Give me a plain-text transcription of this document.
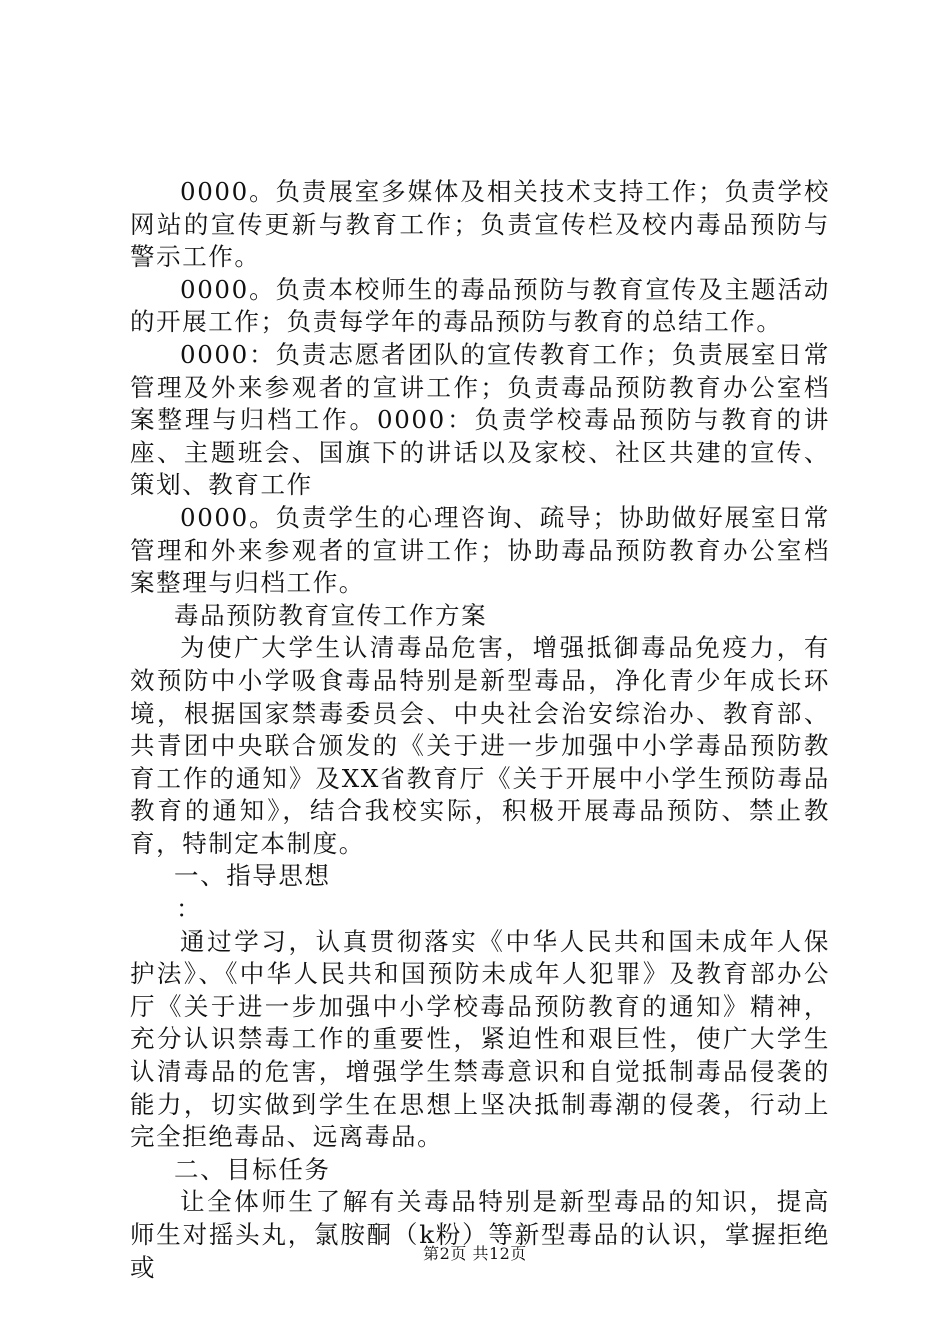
0000。负责展室多媒体及相关技术支持工作；负责学校网站的宣传更新与教育工作；负责宣传栏及校内毒品预防与警示工作。

0000。负责本校师生的毒品预防与教育宣传及主题活动的开展工作；负责每学年的毒品预防与教育的总结工作。

0000：负责志愿者团队的宣传教育工作；负责展室日常管理及外来参观者的宣讲工作；负责毒品预防教育办公室档案整理与归档工作。0000：负责学校毒品预防与教育的讲座、主题班会、国旗下的讲话以及家校、社区共建的宣传、策划、教育工作

0000。负责学生的心理咨询、疏导；协助做好展室日常管理和外来参观者的宣讲工作；协助毒品预防教育办公室档案整理与归档工作。

毒品预防教育宣传工作方案

为使广大学生认清毒品危害，增强抵御毒品免疫力，有效预防中小学吸食毒品特别是新型毒品，净化青少年成长环境，根据国家禁毒委员会、中央社会治安综治办、教育部、共青团中央联合颁发的《关于进一步加强中小学毒品预防教育工作的通知》及XX省教育厅《关于开展中小学生预防毒品教育的通知》，结合我校实际，积极开展毒品预防、禁止教育，特制定本制度。

一、指导思想

：

通过学习，认真贯彻落实《中华人民共和国未成年人保护法》、《中华人民共和国预防未成年人犯罪》及教育部办公厅《关于进一步加强中小学校毒品预防教育的通知》精神，充分认识禁毒工作的重要性，紧迫性和艰巨性，使广大学生认清毒品的危害，增强学生禁毒意识和自觉抵制毒品侵袭的能力，切实做到学生在思想上坚决抵制毒潮的侵袭，行动上完全拒绝毒品、远离毒品。

二、目标任务

让全体师生了解有关毒品特别是新型毒品的知识，提高师生对摇头丸，氯胺酮（k粉）等新型毒品的认识，掌握拒绝或	第2页 共12页
